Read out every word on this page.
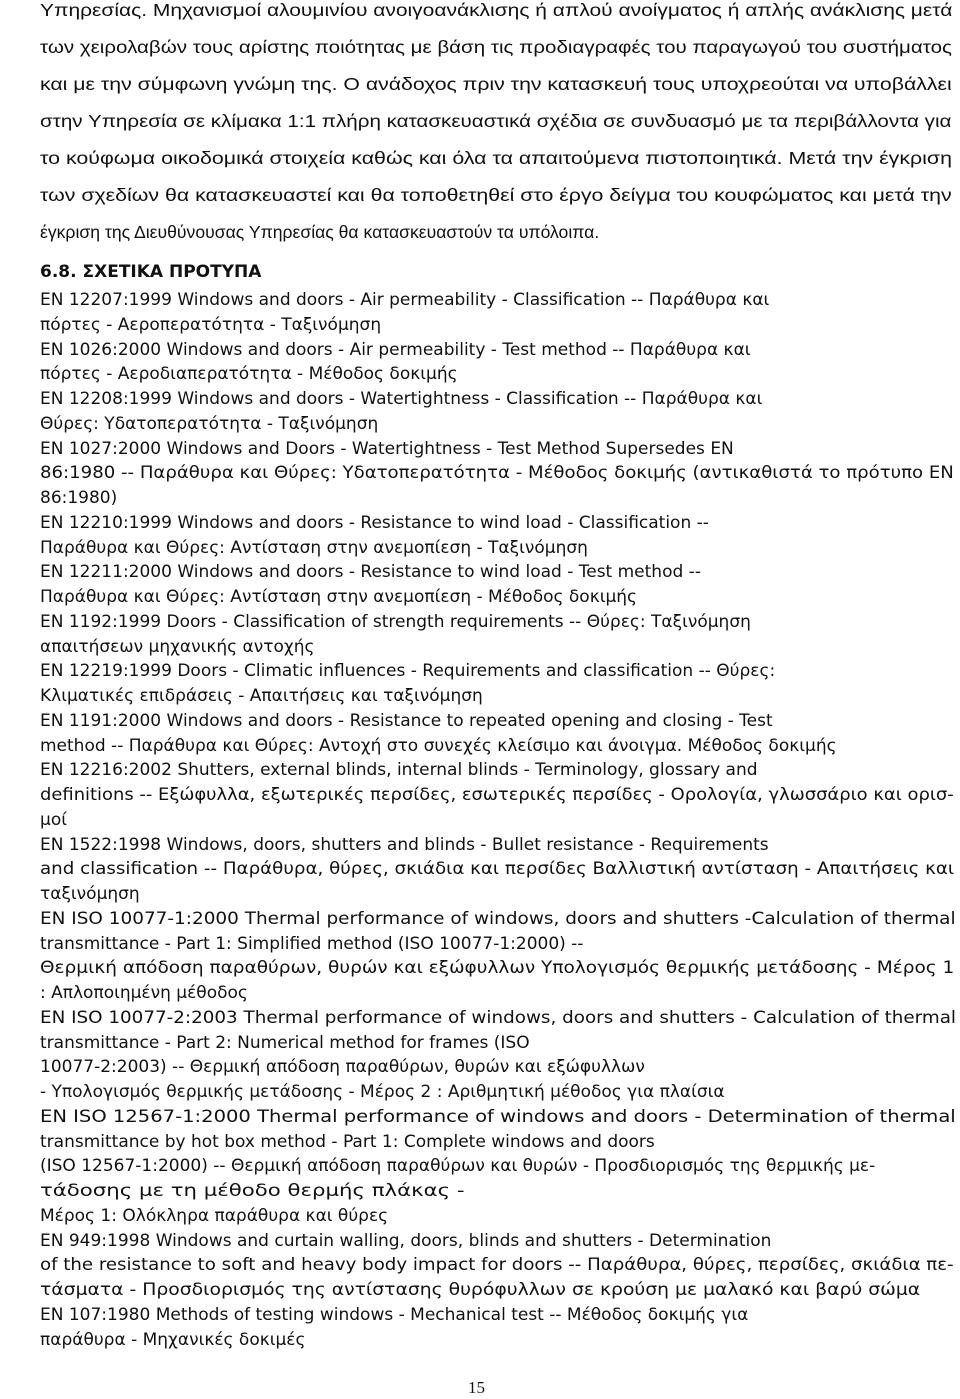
Υπηρεσίας. Μηχανισμοί αλουμινίου ανοιγοανάκλισης ή απλού ανοίγματος ή απλής ανάκλισης μετά
των χειρολαβών τους αρίστης ποιότητας με βάση τις προδιαγραφές του παραγωγού του συστήματος
και με την σύμφωνη γνώμη της. Ο ανάδοχος πριν την κατασκευή τους υποχρεούται να υποβάλλει
στην Υπηρεσία σε κλίμακα 1:1 πλήρη κατασκευαστικά σχέδια σε συνδυασμό με τα περιβάλλοντα για
το κούφωμα οικοδομικά στοιχεία καθώς και όλα τα απαιτούμενα πιστοποιητικά. Μετά την έγκριση
των σχεδίων θα κατασκευαστεί και θα τοποθετηθεί στο έργο δείγμα του κουφώματος και μετά την
έγκριση της Διευθύνουσας Υπηρεσίας θα κατασκευαστούν τα υπόλοιπα.
6.8. ΣΧΕΤΙΚΑ ΠΡΟΤΥΠΑ
EN 12207:1999 Windows and doors - Air permeability - Classification -- Παράθυρα και
πόρτες - Αεροπερατότητα - Ταξινόμηση
EN 1026:2000 Windows and doors - Air permeability - Test method -- Παράθυρα και
πόρτες - Αεροδιαπερατότητα - Μέθοδος δοκιμής
EN 12208:1999 Windows and doors - Watertightness - Classification -- Παράθυρα και
Θύρες: Υδατοπερατότητα - Ταξινόμηση
EN 1027:2000 Windows and Doors - Watertightness - Test Method Supersedes EN
86:1980 -- Παράθυρα και Θύρες: Υδατοπερατότητα - Μέθοδος δοκιμής (αντικαθιστά το πρότυπο EN
86:1980)
EN 12210:1999 Windows and doors - Resistance to wind load - Classification --
Παράθυρα και Θύρες: Αντίσταση στην ανεμοπίεση - Ταξινόμηση
EN 12211:2000 Windows and doors - Resistance to wind load - Test method --
Παράθυρα και Θύρες: Αντίσταση στην ανεμοπίεση - Μέθοδος δοκιμής
EN 1192:1999 Doors - Classification of strength requirements -- Θύρες: Ταξινόμηση
απαιτήσεων μηχανικής αντοχής
EN 12219:1999 Doors - Climatic influences - Requirements and classification -- Θύρες:
Κλιματικές επιδράσεις - Απαιτήσεις και ταξινόμηση
EN 1191:2000 Windows and doors - Resistance to repeated opening and closing - Test
method -- Παράθυρα και Θύρες: Αντοχή στο συνεχές κλείσιμο και άνοιγμα. Μέθοδος δοκιμής
EN 12216:2002 Shutters, external blinds, internal blinds - Terminology, glossary and
definitions -- Εξώφυλλα, εξωτερικές περσίδες, εσωτερικές περσίδες - Ορολογία, γλωσσάριο και ορισ-
μοί
EN 1522:1998 Windows, doors, shutters and blinds - Bullet resistance - Requirements
and classification -- Παράθυρα, θύρες, σκιάδια και περσίδες Βαλλιστική αντίσταση - Απαιτήσεις και
ταξινόμηση
EN ISO 10077-1:2000 Thermal performance of windows, doors and shutters -Calculation of thermal
transmittance - Part 1: Simplified method (ISO 10077-1:2000) --
Θερμική απόδοση παραθύρων, θυρών και εξώφυλλων Υπολογισμός θερμικής μετάδοσης - Μέρος 1
: Απλοποιημένη μέθοδος
EN ISO 10077-2:2003 Thermal performance of windows, doors and shutters - Calculation of thermal
transmittance - Part 2: Numerical method for frames (ISO
10077-2:2003) -- Θερμική απόδοση παραθύρων, θυρών και εξώφυλλων
- Υπολογισμός θερμικής μετάδοσης - Μέρος 2 : Αριθμητική μέθοδος για πλαίσια
EN ISO 12567-1:2000 Thermal performance of windows and doors - Determination of thermal
transmittance by hot box method - Part 1: Complete windows and doors
(ISO 12567-1:2000) -- Θερμική απόδοση παραθύρων και θυρών - Προσδιορισμός της θερμικής με-
τάδοσης με τη μέθοδο θερμής πλάκας -
Μέρος 1: Ολόκληρα παράθυρα και θύρες
EN 949:1998 Windows and curtain walling, doors, blinds and shutters - Determination
of the resistance to soft and heavy body impact for doors -- Παράθυρα, θύρες, περσίδες, σκιάδια πε-
τάσματα - Προσδιορισμός της αντίστασης θυρόφυλλων σε κρούση με μαλακό και βαρύ σώμα
EN 107:1980 Methods of testing windows - Mechanical test -- Μέθοδος δοκιμής για
παράθυρα - Μηχανικές δοκιμές
15
